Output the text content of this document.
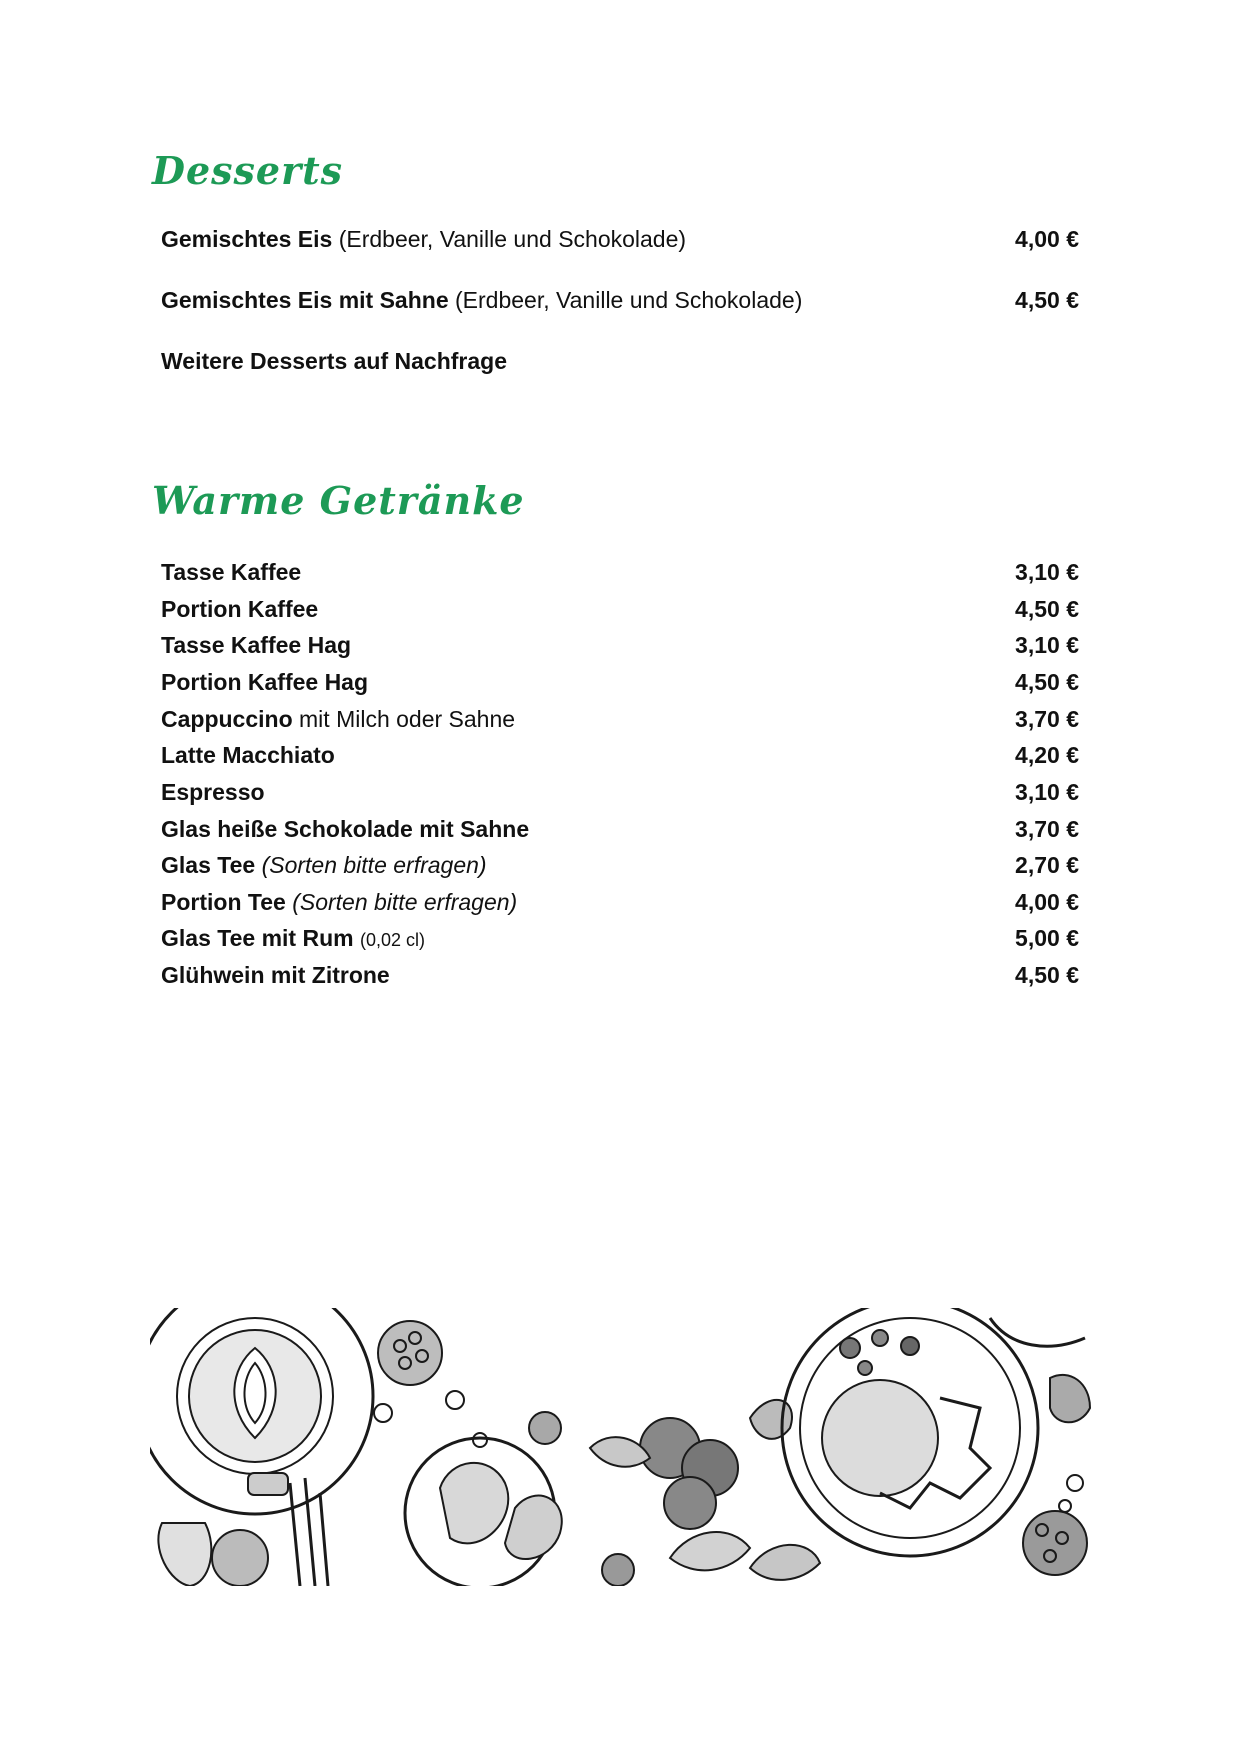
Desserts
Gemischtes Eis (Erdbeer, Vanille und Schokolade)	4,00 €
Gemischtes Eis mit Sahne (Erdbeer, Vanille und Schokolade)	4,50 €
Weitere Desserts auf Nachfrage
Warme Getränke
Tasse Kaffee	3,10 €
Portion Kaffee	4,50 €
Tasse Kaffee Hag	3,10 €
Portion Kaffee Hag	4,50 €
Cappuccino mit Milch oder Sahne	3,70 €
Latte Macchiato	4,20 €
Espresso	3,10 €
Glas heiße Schokolade mit Sahne	3,70 €
Glas Tee (Sorten bitte erfragen)	2,70 €
Portion Tee (Sorten bitte erfragen)	4,00 €
Glas Tee mit Rum (0,02 cl)	5,00 €
Glühwein mit Zitrone	4,50 €
